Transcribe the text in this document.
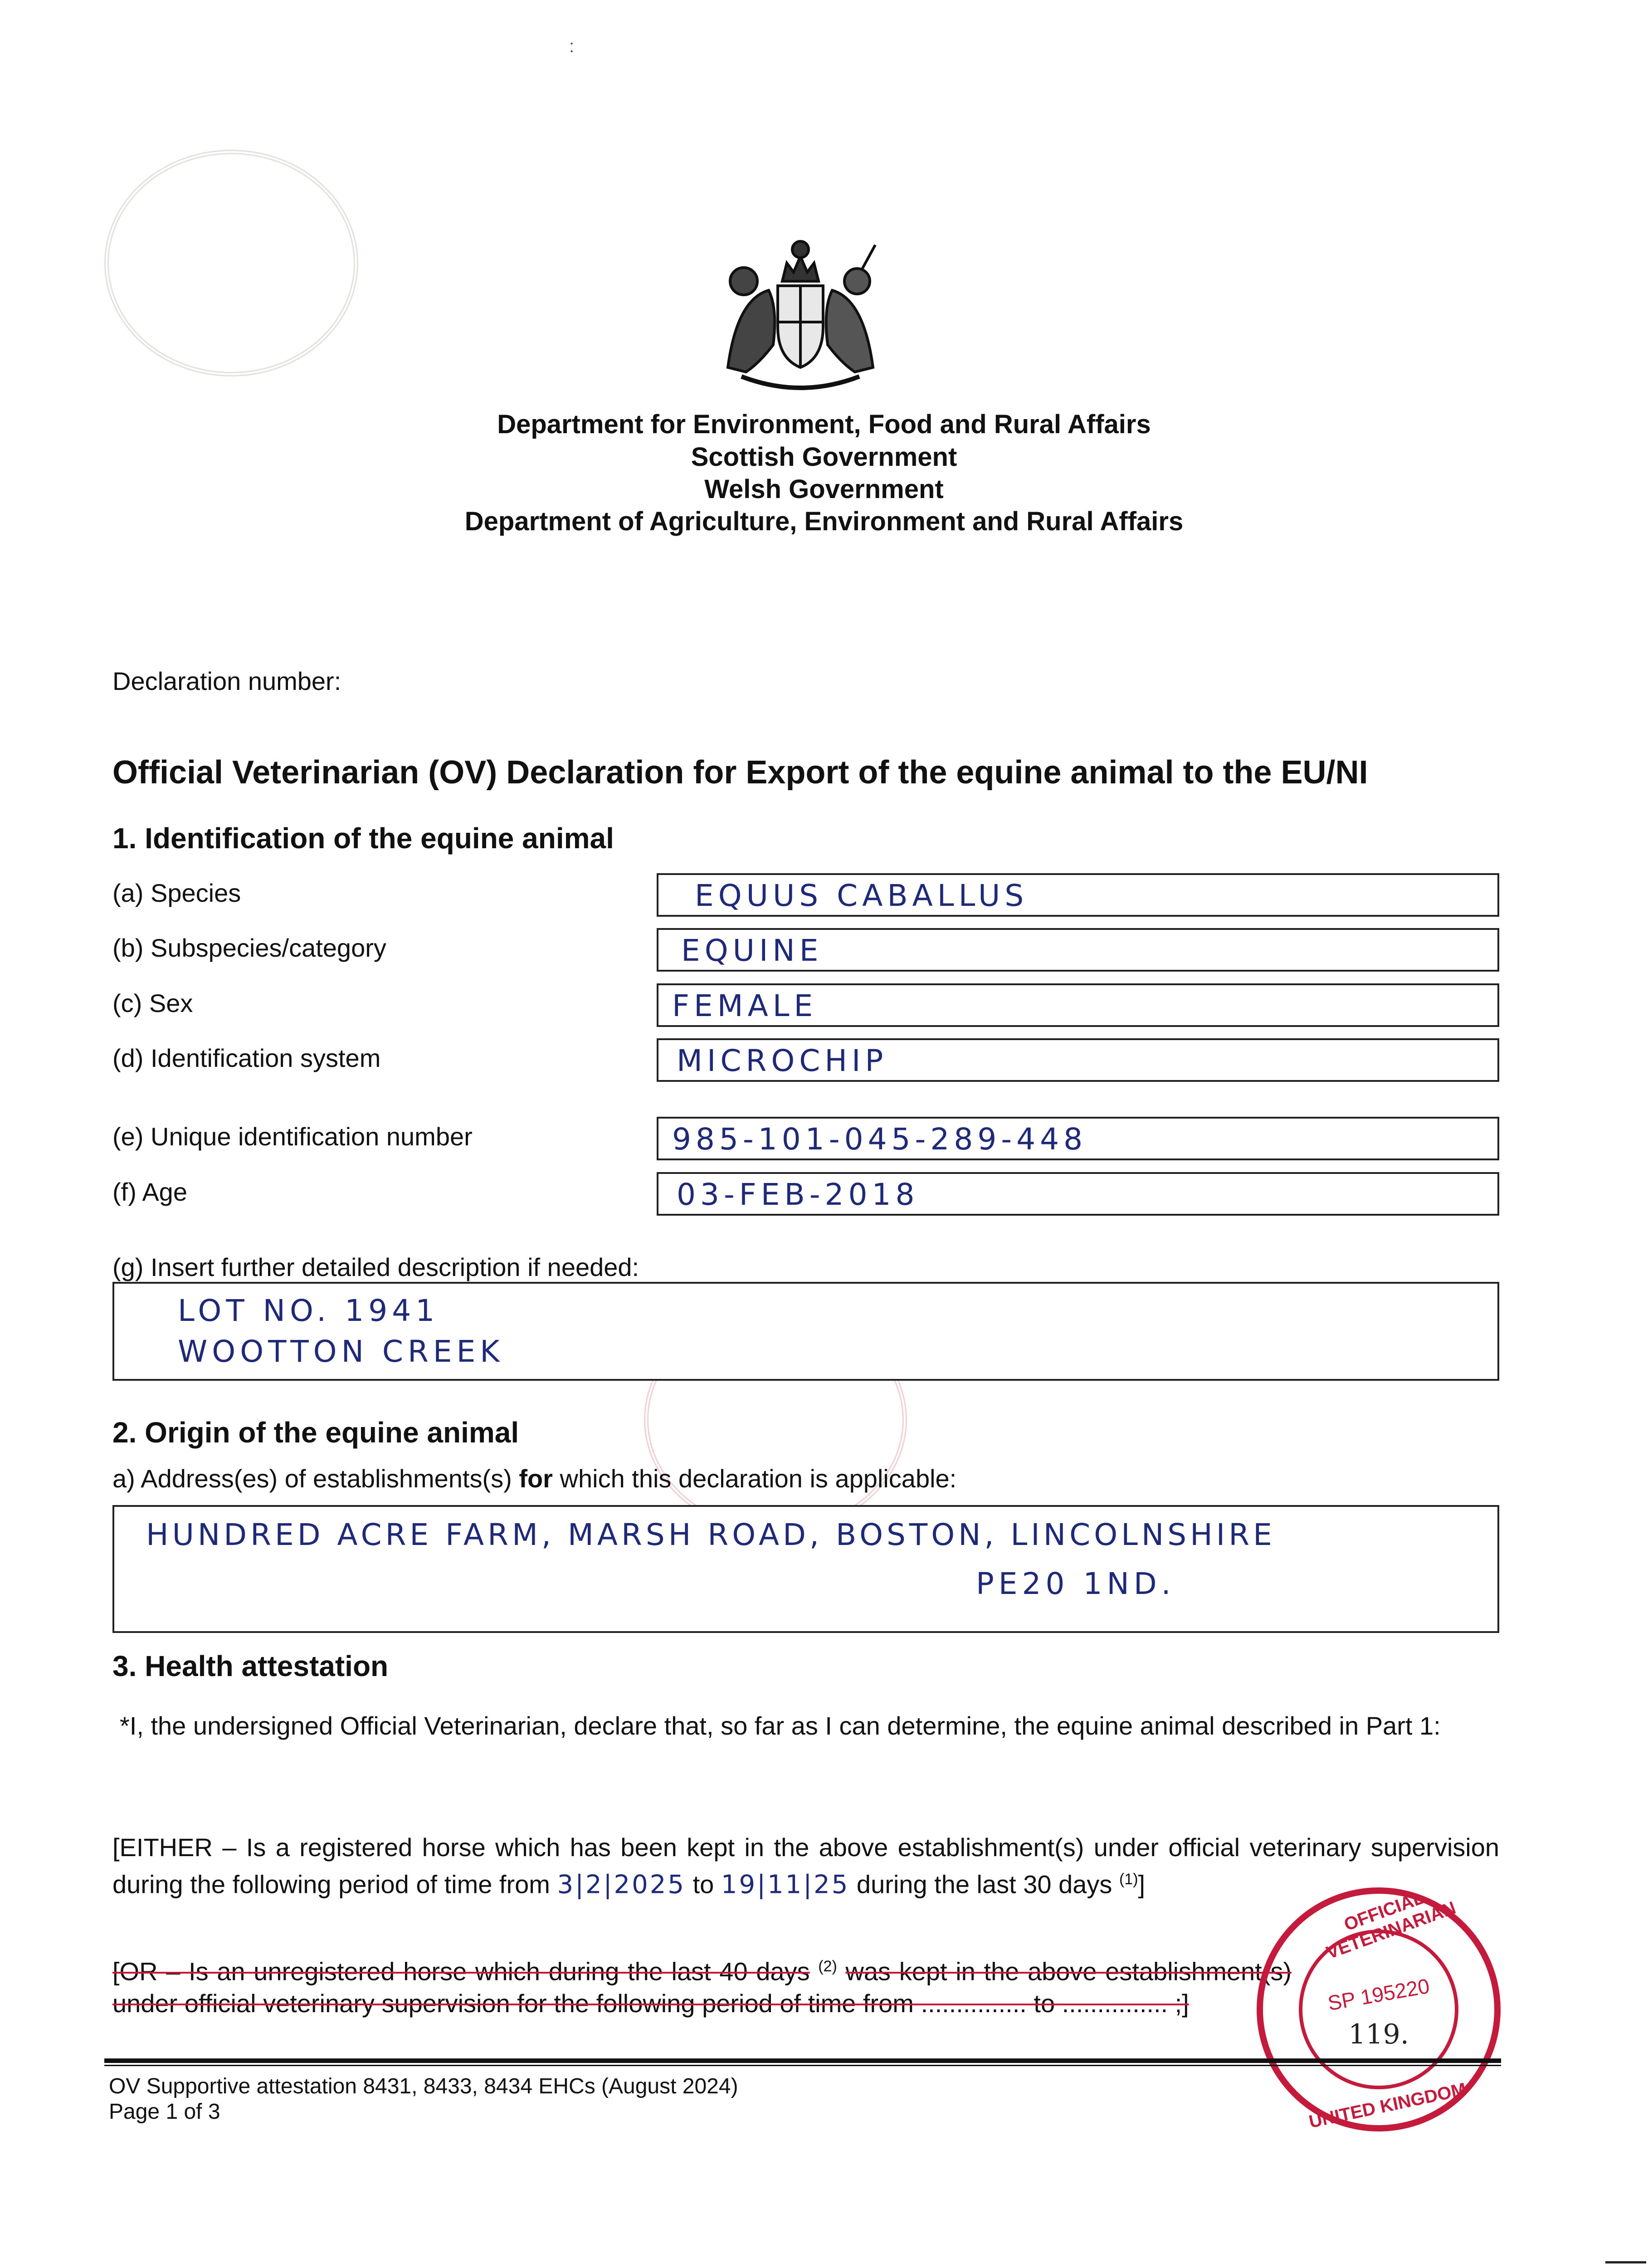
:
Department for Environment, Food and Rural Affairs
Scottish Government
Welsh Government
Department of Agriculture, Environment and Rural Affairs
Declaration number:
Official Veterinarian (OV) Declaration for Export of the equine animal to the EU/NI
1. Identification of the equine animal
(a) Species	EQUUS CABALLUS
(b) Subspecies/category	EQUINE
(c) Sex	FEMALE
(d) Identification system	MICROCHIP
(e) Unique identification number	985-101-045-289-448
(f) Age	03-FEB-2018
(g) Insert further detailed description if needed:
LOT NO. 1941
WOOTTON CREEK
2. Origin of the equine animal
a) Address(es) of establishments(s) for which this declaration is applicable:
HUNDRED ACRE FARM, MARSH ROAD, BOSTON, LINCOLNSHIRE
PE20 1ND.
3. Health attestation
*I, the undersigned Official Veterinarian, declare that, so far as I can determine, the equine animal described in Part 1:
[EITHER – Is a registered horse which has been kept in the above establishment(s) under official veterinary supervision during the following period of time from 3|2|2025 to 19|11|25 during the last 30 days $^{(1)}$]
[OR – Is an unregistered horse which during the last 40 days $^{(2)}$ was kept in the above establishment(s) under official veterinary supervision for the following period of time from ............... to ............... ;]
OFFICIAL VETERINARIAN
UNITED KINGDOM
SP 195220
119.
OV Supportive attestation 8431, 8433, 8434 EHCs (August 2024)
Page 1 of 3
